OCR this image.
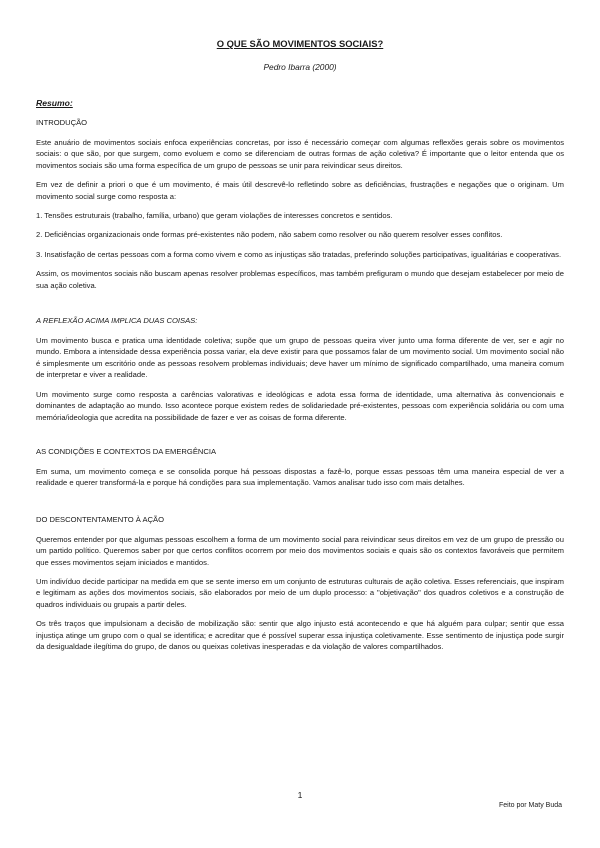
O QUE SÃO MOVIMENTOS SOCIAIS?
Pedro Ibarra (2000)
Resumo:
INTRODUÇÃO

Este anuário de movimentos sociais enfoca experiências concretas, por isso é necessário começar com algumas reflexões gerais sobre os movimentos sociais: o que são, por que surgem, como evoluem e como se diferenciam de outras formas de ação coletiva? É importante que o leitor entenda que os movimentos sociais são uma forma específica de um grupo de pessoas se unir para reivindicar seus direitos.

Em vez de definir a priori o que é um movimento, é mais útil descrevê-lo refletindo sobre as deficiências, frustrações e negações que o originam. Um movimento social surge como resposta a:

1. Tensões estruturais (trabalho, família, urbano) que geram violações de interesses concretos e sentidos.

2. Deficiências organizacionais onde formas pré-existentes não podem, não sabem como resolver ou não querem resolver esses conflitos.

3. Insatisfação de certas pessoas com a forma como vivem e como as injustiças são tratadas, preferindo soluções participativas, igualitárias e cooperativas.

Assim, os movimentos sociais não buscam apenas resolver problemas específicos, mas também prefiguram o mundo que desejam estabelecer por meio de sua ação coletiva.

A REFLEXÃO ACIMA IMPLICA DUAS COISAS:

Um movimento busca e pratica uma identidade coletiva; supõe que um grupo de pessoas queira viver junto uma forma diferente de ver, ser e agir no mundo. Embora a intensidade dessa experiência possa variar, ela deve existir para que possamos falar de um movimento social. Um movimento social não é simplesmente um escritório onde as pessoas resolvem problemas individuais; deve haver um mínimo de significado compartilhado, uma maneira comum de interpretar e viver a realidade.

Um movimento surge como resposta a carências valorativas e ideológicas e adota essa forma de identidade, uma alternativa às convencionais e dominantes de adaptação ao mundo. Isso acontece porque existem redes de solidariedade pré-existentes, pessoas com experiência solidária ou com uma memória/ideologia que acredita na possibilidade de fazer e ver as coisas de forma diferente.

AS CONDIÇÕES E CONTEXTOS DA EMERGÊNCIA

Em suma, um movimento começa e se consolida porque há pessoas dispostas a fazê-lo, porque essas pessoas têm uma maneira especial de ver a realidade e querer transformá-la e porque há condições para sua implementação. Vamos analisar tudo isso com mais detalhes.

DO DESCONTENTAMENTO À AÇÃO

Queremos entender por que algumas pessoas escolhem a forma de um movimento social para reivindicar seus direitos em vez de um grupo de pressão ou um partido político. Queremos saber por que certos conflitos ocorrem por meio dos movimentos sociais e quais são os contextos favoráveis que permitem que esses movimentos sejam iniciados e mantidos.

Um indivíduo decide participar na medida em que se sente imerso em um conjunto de estruturas culturais de ação coletiva. Esses referenciais, que inspiram e legitimam as ações dos movimentos sociais, são elaborados por meio de um duplo processo: a "objetivação" dos quadros coletivos e a construção de quadros individuais ou grupais a partir deles.

Os três traços que impulsionam a decisão de mobilização são: sentir que algo injusto está acontecendo e que há alguém para culpar; sentir que essa injustiça atinge um grupo com o qual se identifica; e acreditar que é possível superar essa injustiça coletivamente. Esse sentimento de injustiça pode surgir da desigualdade ilegítima do grupo, de danos ou queixas coletivas inesperadas e da violação de valores compartilhados.

1
Feito por Maty Buda
